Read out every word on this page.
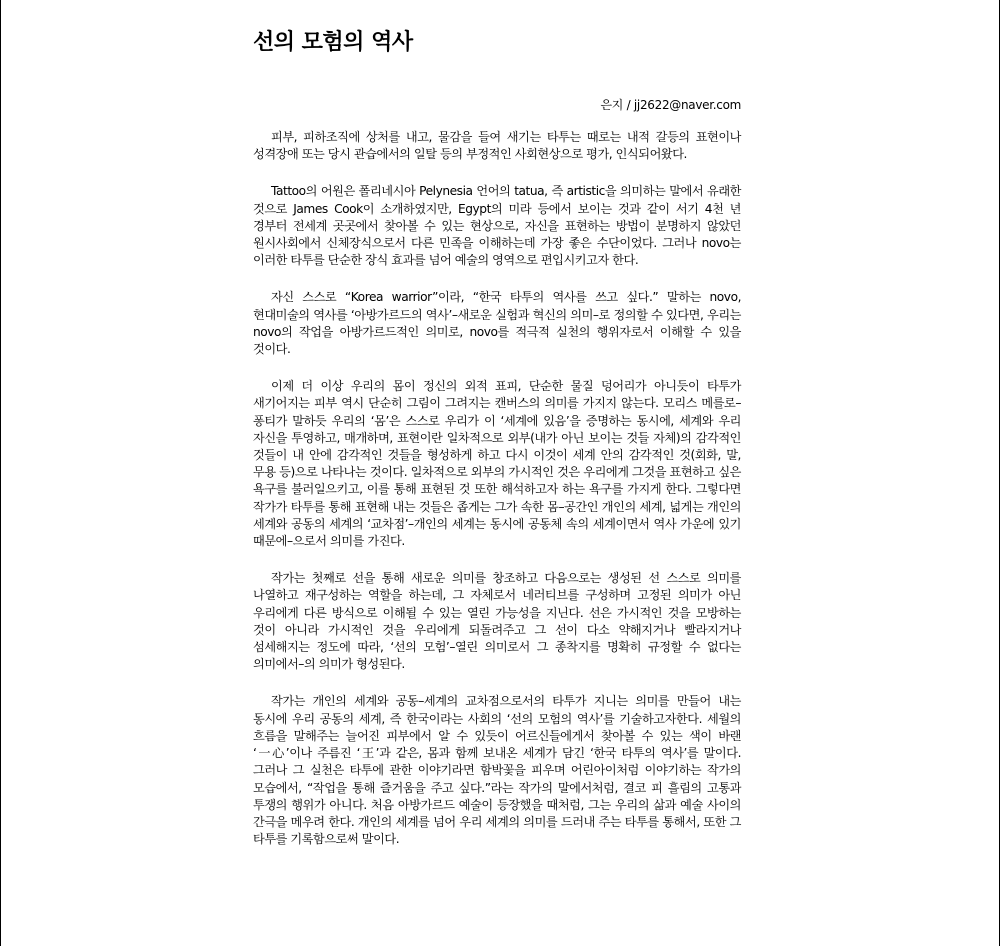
선의 모험의 역사
은지 / jj2622@naver.com

피부, 피하조직에 상처를 내고, 물감을 들여 새기는 타투는 때로는 내적 갈등의 표현이나 성격장애 또는 당시 관습에서의 일탈 등의 부정적인 사회현상으로 평가, 인식되어왔다.

Tattoo의 어원은 폴리네시아 Pelynesia 언어의 tatua, 즉 artistic을 의미하는 말에서 유래한 것으로 James Cook이 소개하였지만, Egypt의 미라 등에서 보이는 것과 같이 서기 4천 년 경부터 전세계 곳곳에서 찾아볼 수 있는 현상으로, 자신을 표현하는 방법이 분명하지 않았던 원시사회에서 신체장식으로서 다른 민족을 이해하는데 가장 좋은 수단이었다. 그러나 novo는 이러한 타투를 단순한 장식 효과를 넘어 예술의 영역으로 편입시키고자 한다.

자신 스스로 “Korea warrior”이라, “한국 타투의 역사를 쓰고 싶다.” 말하는 novo, 현대미술의 역사를 ‘아방가르드의 역사’–새로운 실험과 혁신의 의미–로 정의할 수 있다면, 우리는 novo의 작업을 아방가르드적인 의미로, novo를 적극적 실천의 행위자로서 이해할 수 있을 것이다.

이제 더 이상 우리의 몸이 정신의 외적 표피, 단순한 물질 덩어리가 아니듯이 타투가 새기어지는 피부 역시 단순히 그림이 그려지는 캔버스의 의미를 가지지 않는다. 모리스 메를로–퐁티가 말하듯 우리의 ‘몸’은 스스로 우리가 이 ‘세계에 있음’을 증명하는 동시에, 세계와 우리 자신을 투영하고, 매개하며, 표현이란 일차적으로 외부(내가 아닌 보이는 것들 자체)의 감각적인 것들이 내 안에 감각적인 것들을 형성하게 하고 다시 이것이 세계 안의 감각적인 것(회화, 말, 무용 등)으로 나타나는 것이다. 일차적으로 외부의 가시적인 것은 우리에게 그것을 표현하고 싶은 욕구를 불러일으키고, 이를 통해 표현된 것 또한 해석하고자 하는 욕구를 가지게 한다. 그렇다면 작가가 타투를 통해 표현해 내는 것들은 좁게는 그가 속한 몸–공간인 개인의 세계, 넓게는 개인의 세계와 공동의 세계의 ‘교차점’–개인의 세계는 동시에 공동체 속의 세계이면서 역사 가운에 있기 때문에–으로서 의미를 가진다.

작가는 첫째로 선을 통해 새로운 의미를 창조하고 다음으로는 생성된 선 스스로 의미를 나열하고 재구성하는 역할을 하는데, 그 자체로서 네러티브를 구성하며 고정된 의미가 아닌 우리에게 다른 방식으로 이해될 수 있는 열린 가능성을 지닌다. 선은 가시적인 것을 모방하는 것이 아니라 가시적인 것을 우리에게 되돌려주고 그 선이 다소 약해지거나 빨라지거나 섬세해지는 정도에 따라, ‘선의 모험’–열린 의미로서 그 종착지를 명확히 규정할 수 없다는 의미에서–의 의미가 형성된다.

작가는 개인의 세계와 공동–세계의 교차점으로서의 타투가 지니는 의미를 만들어 내는 동시에 우리 공동의 세계, 즉 한국이라는 사회의 ‘선의 모험의 역사’를 기술하고자한다. 세월의 흐름을 말해주는 늘어진 피부에서 알 수 있듯이 어르신들에게서 찾아볼 수 있는 색이 바랜 ‘一心’이나 주름진 ‘王’과 같은, 몸과 함께 보내온 세계가 담긴 ‘한국 타투의 역사’를 말이다. 그러나 그 실천은 타투에 관한 이야기라면 함박꽃을 피우며 어린아이처럼 이야기하는 작가의 모습에서, “작업을 통해 즐거움을 주고 싶다.”라는 작가의 말에서처럼, 결코 피 흘림의 고통과 투쟁의 행위가 아니다. 처음 아방가르드 예술이 등장했을 때처럼, 그는 우리의 삶과 예술 사이의 간극을 메우려 한다. 개인의 세계를 넘어 우리 세계의 의미를 드러내 주는 타투를 통해서, 또한 그 타투를 기록함으로써 말이다.
